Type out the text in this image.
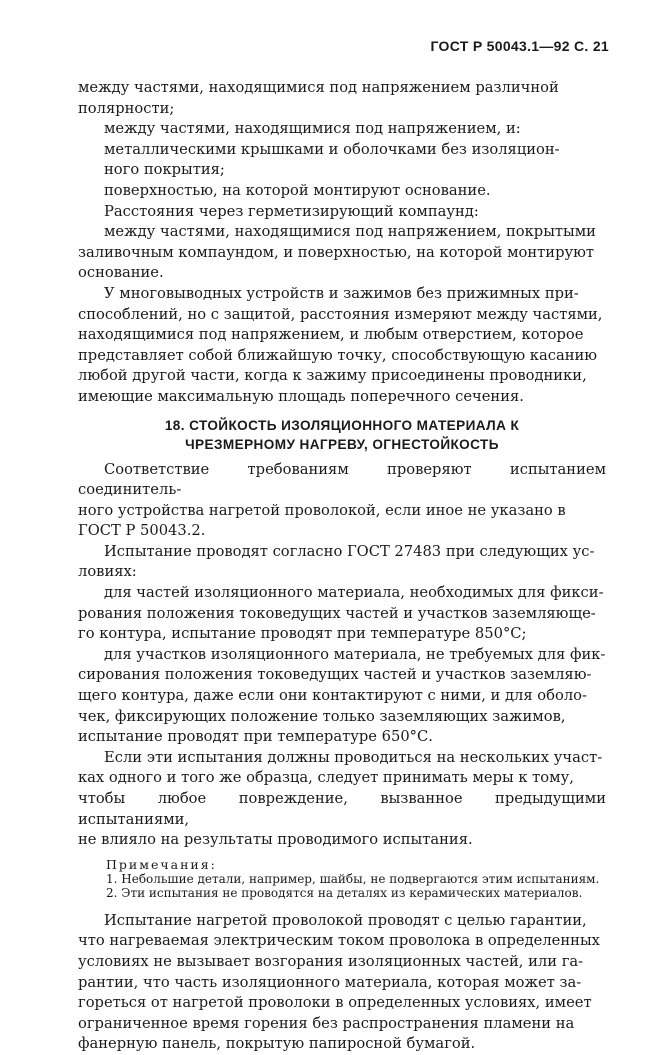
ГОСТ Р 50043.1—92 С. 21

между частями, находящимися под напряжением различной
полярности;

между частями, находящимися под напряжением, и:

металлическими крышками и оболочками без изоляцион-
ного покрытия;

поверхностью, на которой монтируют основание.

Расстояния через герметизирующий компаунд:

между частями, находящимися под напряжением, покрытыми
заливочным компаундом, и поверхностью, на которой монтируют
основание.

У многовыводных устройств и зажимов без прижимных при-
способлений, но с защитой, расстояния измеряют между частями,
находящимися под напряжением, и любым отверстием, которое
представляет собой ближайшую точку, способствующую касанию
любой другой части, когда к зажиму присоединены проводники,
имеющие максимальную площадь поперечного сечения.

18. СТОЙКОСТЬ ИЗОЛЯЦИОННОГО МАТЕРИАЛА К
ЧРЕЗМЕРНОМУ НАГРЕВУ, ОГНЕСТОЙКОСТЬ

Соответствие требованиям проверяют испытанием соединитель-
ного устройства нагретой проволокой, если иное не указано в
ГОСТ Р 50043.2.

Испытание проводят согласно ГОСТ 27483 при следующих ус-
ловиях:

для частей изоляционного материала, необходимых для фикси-
рования положения токоведущих частей и участков заземляюще-
го контура, испытание проводят при температуре 850°С;

для участков изоляционного материала, не требуемых для фик-
сирования положения токоведущих частей и участков заземляю-
щего контура, даже если они контактируют с ними, и для оболо-
чек, фиксирующих положение только заземляющих зажимов,
испытание проводят при температуре 650°С.

Если эти испытания должны проводиться на нескольких участ-
ках одного и того же образца, следует принимать меры к тому,
чтобы любое повреждение, вызванное предыдущими испытаниями,
не влияло на результаты проводимого испытания.

Примечания:
1. Небольшие детали, например, шайбы, не подвергаются этим испытаниям.
2. Эти испытания не проводятся на деталях из керамических материалов.

Испытание нагретой проволокой проводят с целью гарантии,
что нагреваемая электрическим током проволока в определенных
условиях не вызывает возгорания изоляционных частей, или га-
рантии, что часть изоляционного материала, которая может за-
гореться от нагретой проволоки в определенных условиях, имеет
ограниченное время горения без распространения пламени на
фанерную панель, покрытую папиросной бумагой.
